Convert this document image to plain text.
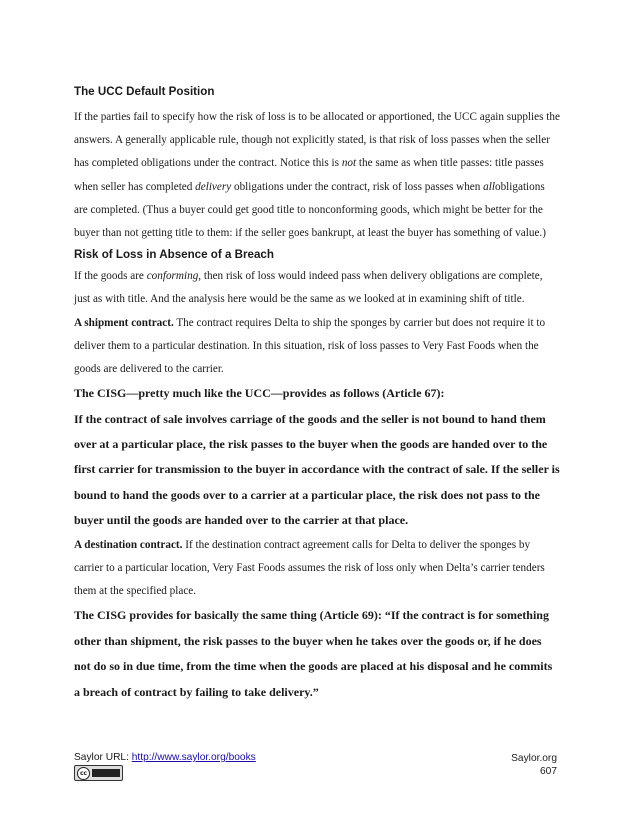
The UCC Default Position

If the parties fail to specify how the risk of loss is to be allocated or apportioned, the UCC again supplies the answers. A generally applicable rule, though not explicitly stated, is that risk of loss passes when the seller has completed obligations under the contract. Notice this is not the same as when title passes: title passes when seller has completed delivery obligations under the contract, risk of loss passes when allobligations are completed. (Thus a buyer could get good title to nonconforming goods, which might be better for the buyer than not getting title to them: if the seller goes bankrupt, at least the buyer has something of value.)

Risk of Loss in Absence of a Breach

If the goods are conforming, then risk of loss would indeed pass when delivery obligations are complete, just as with title. And the analysis here would be the same as we looked at in examining shift of title.

A shipment contract. The contract requires Delta to ship the sponges by carrier but does not require it to deliver them to a particular destination. In this situation, risk of loss passes to Very Fast Foods when the goods are delivered to the carrier.

The CISG—pretty much like the UCC—provides as follows (Article 67):

If the contract of sale involves carriage of the goods and the seller is not bound to hand them over at a particular place, the risk passes to the buyer when the goods are handed over to the first carrier for transmission to the buyer in accordance with the contract of sale. If the seller is bound to hand the goods over to a carrier at a particular place, the risk does not pass to the buyer until the goods are handed over to the carrier at that place.

A destination contract. If the destination contract agreement calls for Delta to deliver the sponges by carrier to a particular location, Very Fast Foods assumes the risk of loss only when Delta’s carrier tenders them at the specified place.

The CISG provides for basically the same thing (Article 69): “If the contract is for something other than shipment, the risk passes to the buyer when he takes over the goods or, if he does not do so in due time, from the time when the goods are placed at his disposal and he commits a breach of contract by failing to take delivery.”

Saylor URL: http://www.saylor.org/books
cc
Saylor.org
607
